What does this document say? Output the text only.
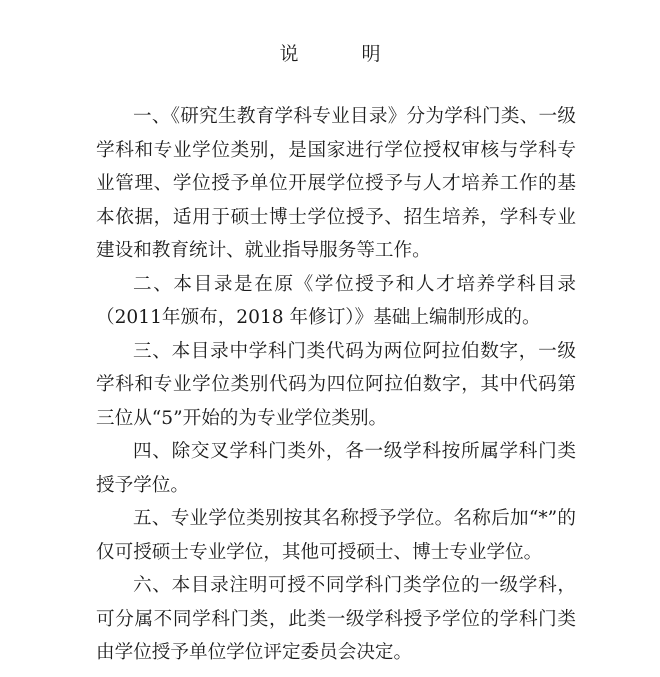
说　明

一、《研究生教育学科专业目录》分为学科门类、一级学科和专业学位类别，是国家进行学位授权审核与学科专业管理、学位授予单位开展学位授予与人才培养工作的基本依据，适用于硕士博士学位授予、招生培养，学科专业建设和教育统计、就业指导服务等工作。

二、本目录是在原《学位授予和人才培养学科目录（2011年颁布，2018 年修订）》基础上编制形成的。

三、本目录中学科门类代码为两位阿拉伯数字，一级学科和专业学位类别代码为四位阿拉伯数字，其中代码第三位从“5”开始的为专业学位类别。

四、除交叉学科门类外，各一级学科按所属学科门类授予学位。

五、专业学位类别按其名称授予学位。名称后加“*”的仅可授硕士专业学位，其他可授硕士、博士专业学位。

六、本目录注明可授不同学科门类学位的一级学科，可分属不同学科门类，此类一级学科授予学位的学科门类由学位授予单位学位评定委员会决定。
